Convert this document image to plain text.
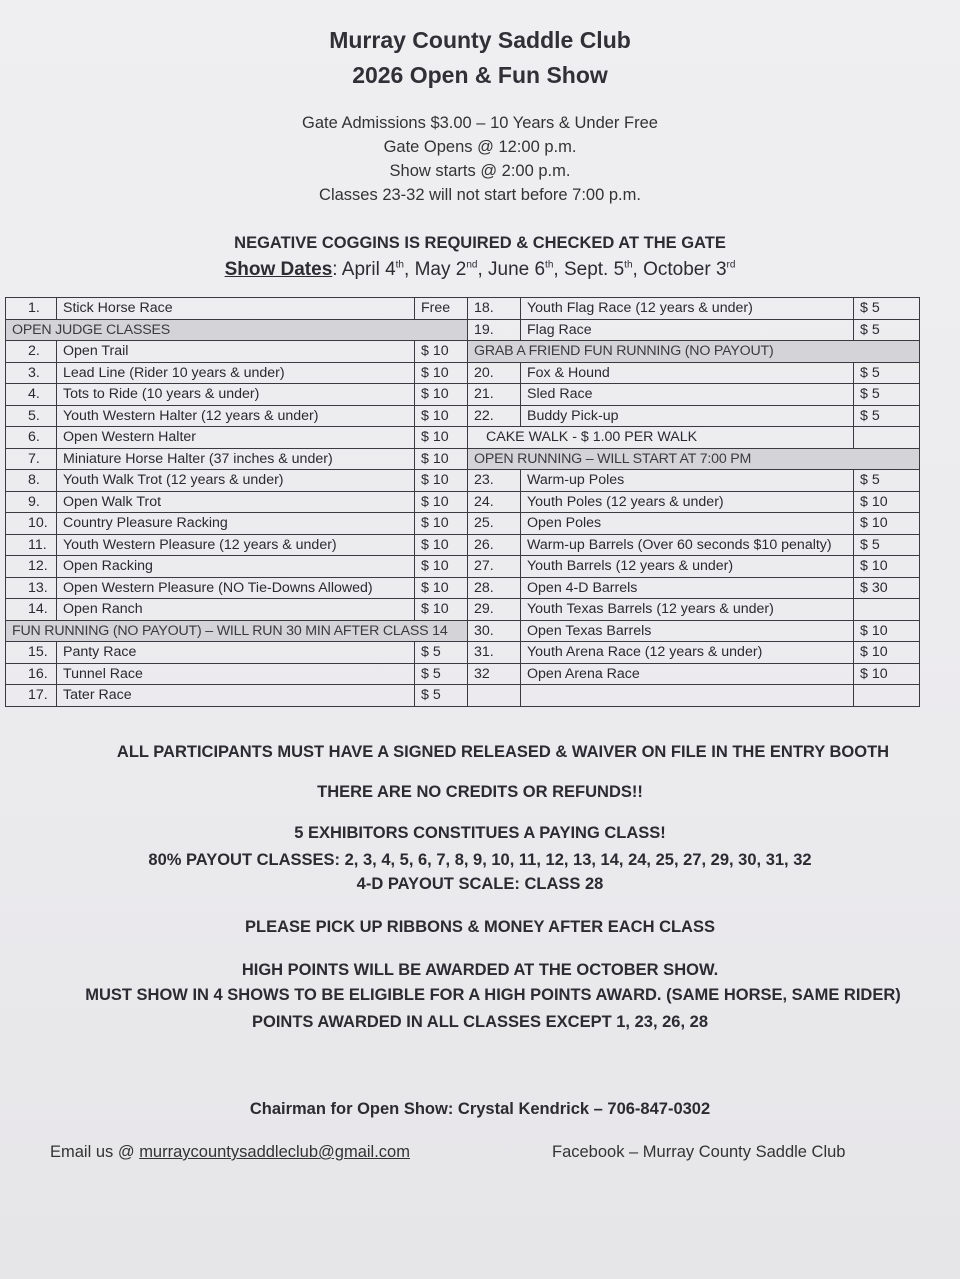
Murray County Saddle Club
2026 Open & Fun Show
Gate Admissions $3.00 – 10 Years & Under Free
Gate Opens @ 12:00 p.m.
Show starts @ 2:00 p.m.
Classes 23-32 will not start before 7:00 p.m.
NEGATIVE COGGINS IS REQUIRED & CHECKED AT THE GATE
Show Dates: April 4th, May 2nd, June 6th, Sept. 5th, October 3rd
1.	Stick Horse Race	Free	18.	Youth Flag Race (12 years & under)	$ 5
OPEN JUDGE CLASSES			19.	Flag Race	$ 5
2.	Open Trail	$ 10	GRAB A FRIEND FUN RUNNING (NO PAYOUT)		
3.	Lead Line (Rider 10 years & under)	$ 10	20.	Fox & Hound	$ 5
4.	Tots to Ride (10 years & under)	$ 10	21.	Sled Race	$ 5
5.	Youth Western Halter (12 years & under)	$ 10	22.	Buddy Pick-up	$ 5
6.	Open Western Halter	$ 10	CAKE WALK - $ 1.00 PER WALK		
7.	Miniature Horse Halter (37 inches & under)	$ 10	OPEN RUNNING – WILL START AT 7:00 PM		
8.	Youth Walk Trot (12 years & under)	$ 10	23.	Warm-up Poles	$ 5
9.	Open Walk Trot	$ 10	24.	Youth Poles (12 years & under)	$ 10
10.	Country Pleasure Racking	$ 10	25.	Open Poles	$ 10
11.	Youth Western Pleasure (12 years & under)	$ 10	26.	Warm-up Barrels (Over 60 seconds $10 penalty)	$ 5
12.	Open Racking	$ 10	27.	Youth Barrels (12 years & under)	$ 10
13.	Open Western Pleasure (NO Tie-Downs Allowed)	$ 10	28.	Open 4-D Barrels	$ 30
14.	Open Ranch	$ 10	29.	Youth Texas Barrels (12 years & under)	
FUN RUNNING (NO PAYOUT) – WILL RUN 30 MIN AFTER CLASS 14			30.	Open Texas Barrels	$ 10
15.	Panty Race	$ 5	31.	Youth Arena Race (12 years & under)	$ 10
16.	Tunnel Race	$ 5	32	Open Arena Race	$ 10
17.	Tater Race	$ 5			
ALL PARTICIPANTS MUST HAVE A SIGNED RELEASED & WAIVER ON FILE IN THE ENTRY BOOTH
THERE ARE NO CREDITS OR REFUNDS!!
5 EXHIBITORS CONSTITUES A PAYING CLASS!
80% PAYOUT CLASSES: 2, 3, 4, 5, 6, 7, 8, 9, 10, 11, 12, 13, 14, 24, 25, 27, 29, 30, 31, 32
4-D PAYOUT SCALE: CLASS 28
PLEASE PICK UP RIBBONS & MONEY AFTER EACH CLASS
HIGH POINTS WILL BE AWARDED AT THE OCTOBER SHOW.
MUST SHOW IN 4 SHOWS TO BE ELIGIBLE FOR A HIGH POINTS AWARD. (SAME HORSE, SAME RIDER)
POINTS AWARDED IN ALL CLASSES EXCEPT 1, 23, 26, 28
Chairman for Open Show: Crystal Kendrick – 706-847-0302
Email us @ murraycountysaddleclub@gmail.com	Facebook – Murray County Saddle Club
